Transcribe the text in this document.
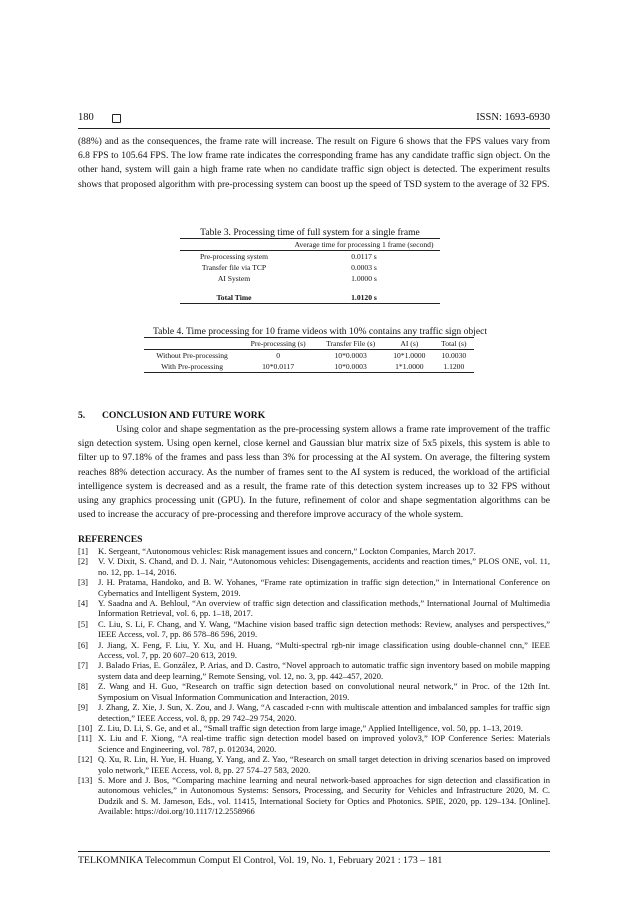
180	ISSN: 1693-6930

(88%) and as the consequences, the frame rate will increase. The result on Figure 6 shows that the FPS values vary from 6.8 FPS to 105.64 FPS. The low frame rate indicates the corresponding frame has any candidate traffic sign object. On the other hand, system will gain a high frame rate when no candidate traffic sign object is detected. The experiment results shows that proposed algorithm with pre-processing system can boost up the speed of TSD system to the average of 32 FPS.

Table 3. Processing time of full system for a single frame
	Average time for processing 1 frame (second)
Pre-processing system	0.0117 s
Transfer file via TCP	0.0003 s
AI System	1.0000 s

Total Time	1.0120 s
Table 4. Time processing for 10 frame videos with 10% contains any traffic sign object
	Pre-processing (s)	Transfer File (s)	AI (s)	Total (s)
Without Pre-processing	0	10*0.0003	10*1.0000	10.0030
With Pre-processing	10*0.0117	10*0.0003	1*1.0000	1.1200
5. CONCLUSION AND FUTURE WORK

Using color and shape segmentation as the pre-processing system allows a frame rate improvement of the traffic sign detection system. Using open kernel, close kernel and Gaussian blur matrix size of 5x5 pixels, this system is able to filter up to 97.18% of the frames and pass less than 3% for processing at the AI system. On average, the filtering system reaches 88% detection accuracy. As the number of frames sent to the AI system is reduced, the workload of the artificial intelligence system is decreased and as a result, the frame rate of this detection system increases up to 32 FPS without using any graphics processing unit (GPU). In the future, refinement of color and shape segmentation algorithms can be used to increase the accuracy of pre-processing and therefore improve accuracy of the whole system.

REFERENCES
[1] K. Sergeant, “Autonomous vehicles: Risk management issues and concern,” Lockton Companies, March 2017.
[2] V. V. Dixit, S. Chand, and D. J. Nair, “Autonomous vehicles: Disengagements, accidents and reaction times,” PLOS ONE, vol. 11, no. 12, pp. 1–14, 2016.
[3] J. H. Pratama, Handoko, and B. W. Yohanes, “Frame rate optimization in traffic sign detection,” in International Conference on Cybernatics and Intelligent System, 2019.
[4] Y. Saadna and A. Behloul, “An overview of traffic sign detection and classification methods,” International Journal of Multimedia Information Retrieval, vol. 6, pp. 1–18, 2017.
[5] C. Liu, S. Li, F. Chang, and Y. Wang, “Machine vision based traffic sign detection methods: Review, analyses and perspectives,” IEEE Access, vol. 7, pp. 86 578–86 596, 2019.
[6] J. Jiang, X. Feng, F. Liu, Y. Xu, and H. Huang, “Multi-spectral rgb-nir image classification using double-channel cnn,” IEEE Access, vol. 7, pp. 20 607–20 613, 2019.
[7] J. Balado Frias, E. González, P. Arias, and D. Castro, “Novel approach to automatic traffic sign inventory based on mobile mapping system data and deep learning,” Remote Sensing, vol. 12, no. 3, pp. 442–457, 2020.
[8] Z. Wang and H. Guo, “Research on traffic sign detection based on convolutional neural network,” in Proc. of the 12th Int. Symposium on Visual Information Communication and Interaction, 2019.
[9] J. Zhang, Z. Xie, J. Sun, X. Zou, and J. Wang, “A cascaded r-cnn with multiscale attention and imbalanced samples for traffic sign detection,” IEEE Access, vol. 8, pp. 29 742–29 754, 2020.
[10] Z. Liu, D. Li, S. Ge, and et al., “Small traffic sign detection from large image,” Applied Intelligence, vol. 50, pp. 1–13, 2019.
[11] X. Liu and F. Xiong, “A real-time traffic sign detection model based on improved yolov3,” IOP Conference Series: Materials Science and Engineering, vol. 787, p. 012034, 2020.
[12] Q. Xu, R. Lin, H. Yue, H. Huang, Y. Yang, and Z. Yao, “Research on small target detection in driving scenarios based on improved yolo network,” IEEE Access, vol. 8, pp. 27 574–27 583, 2020.
[13] S. More and J. Bos, “Comparing machine learning and neural network-based approaches for sign detection and classification in autonomous vehicles,” in Autonomous Systems: Sensors, Processing, and Security for Vehicles and Infrastructure 2020, M. C. Dudzik and S. M. Jameson, Eds., vol. 11415, International Society for Optics and Photonics. SPIE, 2020, pp. 129–134. [Online]. Available: https://doi.org/10.1117/12.2558966
TELKOMNIKA Telecommun Comput El Control, Vol. 19, No. 1, February 2021 : 173 – 181
